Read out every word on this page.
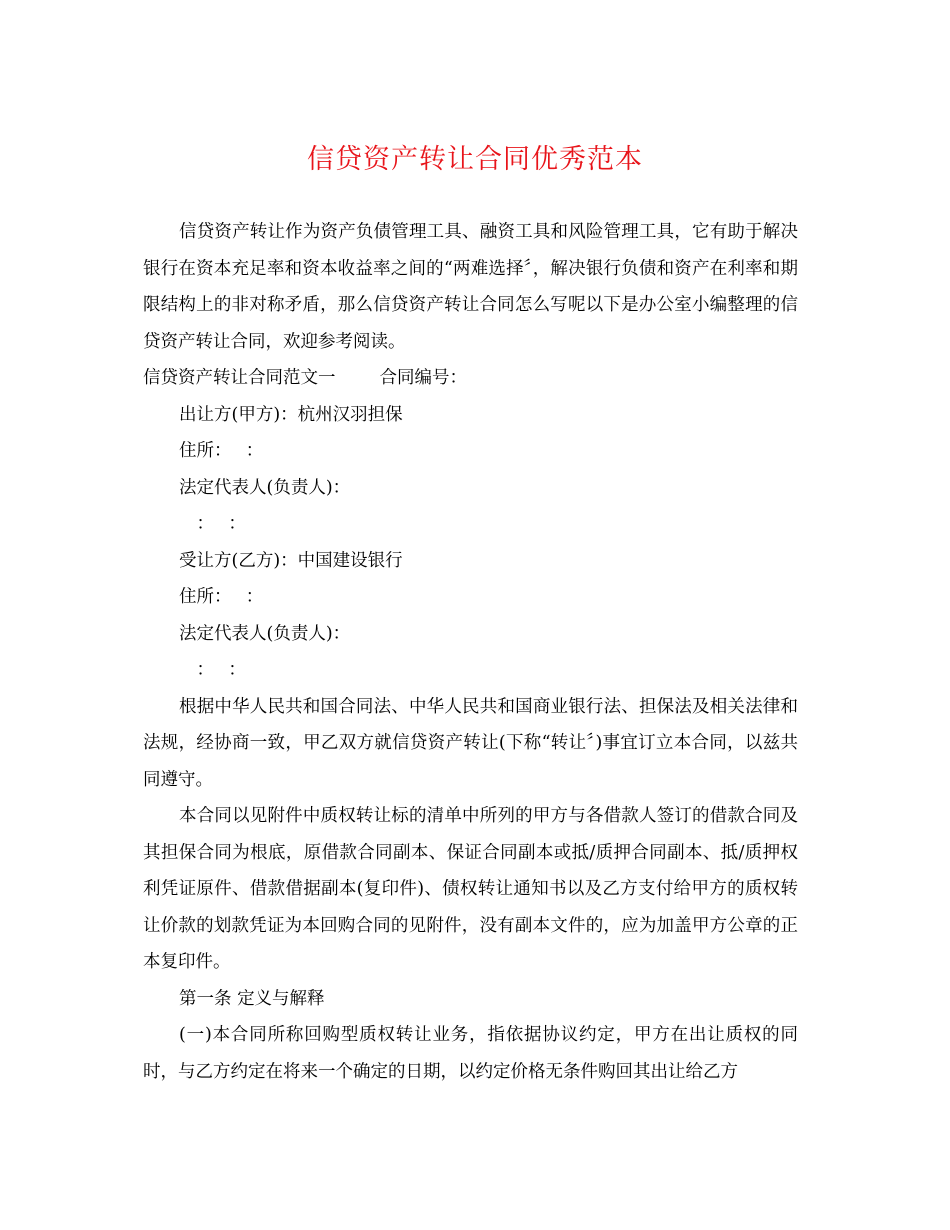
信贷资产转让合同优秀范本

信贷资产转让作为资产负债管理工具、融资工具和风险管理工具，它有助于解决银行在资本充足率和资本收益率之间的“两难选择〞，解决银行负债和资产在利率和期限结构上的非对称矛盾，那么信贷资产转让合同怎么写呢以下是办公室小编整理的信贷资产转让合同，欢迎参考阅读。

信贷资产转让合同范文一	合同编号：

出让方(甲方)：杭州汉羽担保

住所：　 ：

法定代表人(负责人)：

　：　 ：

受让方(乙方)：中国建设银行

住所：　 ：

法定代表人(负责人)：

　：　 ：

根据中华人民共和国合同法、中华人民共和国商业银行法、担保法及相关法律和法规，经协商一致，甲乙双方就信贷资产转让(下称“转让〞)事宜订立本合同，以兹共同遵守。

本合同以见附件中质权转让标的清单中所列的甲方与各借款人签订的借款合同及其担保合同为根底，原借款合同副本、保证合同副本或抵/质押合同副本、抵/质押权利凭证原件、借款借据副本(复印件)、债权转让通知书以及乙方支付给甲方的质权转让价款的划款凭证为本回购合同的见附件，没有副本文件的，应为加盖甲方公章的正本复印件。

第一条 定义与解释

(一)本合同所称回购型质权转让业务，指依据协议约定，甲方在出让质权的同时，与乙方约定在将来一个确定的日期，以约定价格无条件购回其出让给乙方
